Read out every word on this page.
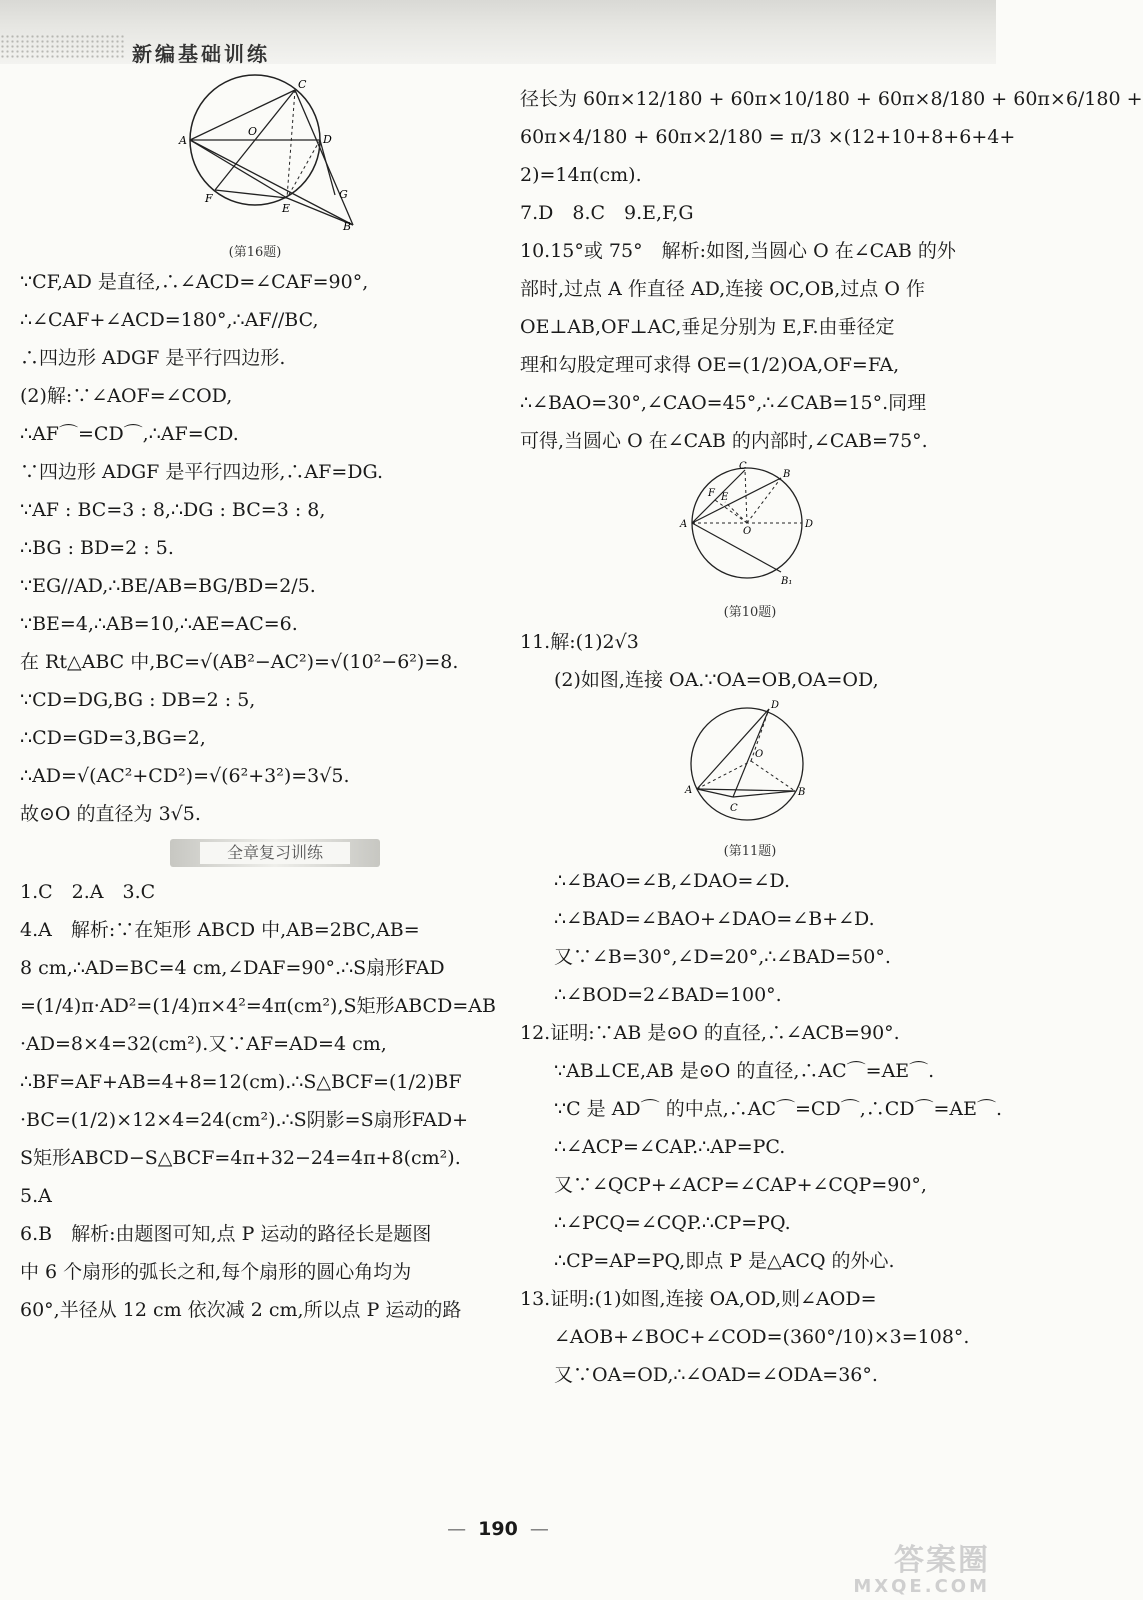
新编基础训练
C
O
A	D
F
E
G
B
(第16题)
∵CF,AD 是直径,∴∠ACD=∠CAF=90°,
∴∠CAF+∠ACD=180°,∴AF//BC,
∴四边形 ADGF 是平行四边形.
(2)解:∵∠AOF=∠COD,
∴AF⌒=CD⌒,∴AF=CD.
∵四边形 ADGF 是平行四边形,∴AF=DG.
∵AF : BC=3 : 8,∴DG : BC=3 : 8,
∴BG : BD=2 : 5.
∵EG//AD,∴BE/AB=BG/BD=2/5.
∵BE=4,∴AB=10,∴AE=AC=6.
在 Rt△ABC 中,BC=√(AB²−AC²)=√(10²−6²)=8.
∵CD=DG,BG : DB=2 : 5,
∴CD=GD=3,BG=2,
∴AD=√(AC²+CD²)=√(6²+3²)=3√5.
故⊙O 的直径为 3√5.
全章复习训练
1.C　2.A　3.C
4.A　解析:∵在矩形 ABCD 中,AB=2BC,AB=
8 cm,∴AD=BC=4 cm,∠DAF=90°.∴S扇形FAD
=(1/4)π·AD²=(1/4)π×4²=4π(cm²),S矩形ABCD=AB
·AD=8×4=32(cm²).又∵AF=AD=4 cm,
∴BF=AF+AB=4+8=12(cm).∴S△BCF=(1/2)BF
·BC=(1/2)×12×4=24(cm²).∴S阴影=S扇形FAD+
S矩形ABCD−S△BCF=4π+32−24=4π+8(cm²).
5.A
6.B　解析:由题图可知,点 P 运动的路径长是题图
中 6 个扇形的弧长之和,每个扇形的圆心角均为
60°,半径从 12 cm 依次减 2 cm,所以点 P 运动的路
径长为 60π×12/180 + 60π×10/180 + 60π×8/180 + 60π×6/180 +
60π×4/180 + 60π×2/180 = π/3 ×(12+10+8+6+4+
2)=14π(cm).
7.D　8.C　9.E,F,G
10.15°或 75°　解析:如图,当圆心 O 在∠CAB 的外
部时,过点 A 作直径 AD,连接 OC,OB,过点 O 作
OE⊥AB,OF⊥AC,垂足分别为 E,F.由垂径定
理和勾股定理可求得 OE=(1/2)OA,OF=FA,
∴∠BAO=30°,∠CAO=45°,∴∠CAB=15°.同理
可得,当圆心 O 在∠CAB 的内部时,∠CAB=75°.
C
B
F E
A
O
D
B₁
(第10题)
11.解:(1)2√3
(2)如图,连接 OA.∵OA=OB,OA=OD,
D
O
A
C
B
(第11题)
∴∠BAO=∠B,∠DAO=∠D.
∴∠BAD=∠BAO+∠DAO=∠B+∠D.
又∵∠B=30°,∠D=20°,∴∠BAD=50°.
∴∠BOD=2∠BAD=100°.
12.证明:∵AB 是⊙O 的直径,∴∠ACB=90°.
∵AB⊥CE,AB 是⊙O 的直径,∴AC⌒=AE⌒.
∵C 是 AD⌒ 的中点,∴AC⌒=CD⌒,∴CD⌒=AE⌒.
∴∠ACP=∠CAP.∴AP=PC.
又∵∠QCP+∠ACP=∠CAP+∠CQP=90°,
∴∠PCQ=∠CQP.∴CP=PQ.
∴CP=AP=PQ,即点 P 是△ACQ 的外心.
13.证明:(1)如图,连接 OA,OD,则∠AOD=
∠AOB+∠BOC+∠COD=(360°/10)×3=108°.
又∵OA=OD,∴∠OAD=∠ODA=36°.
— 190 —
答案圈
MXQE.COM
